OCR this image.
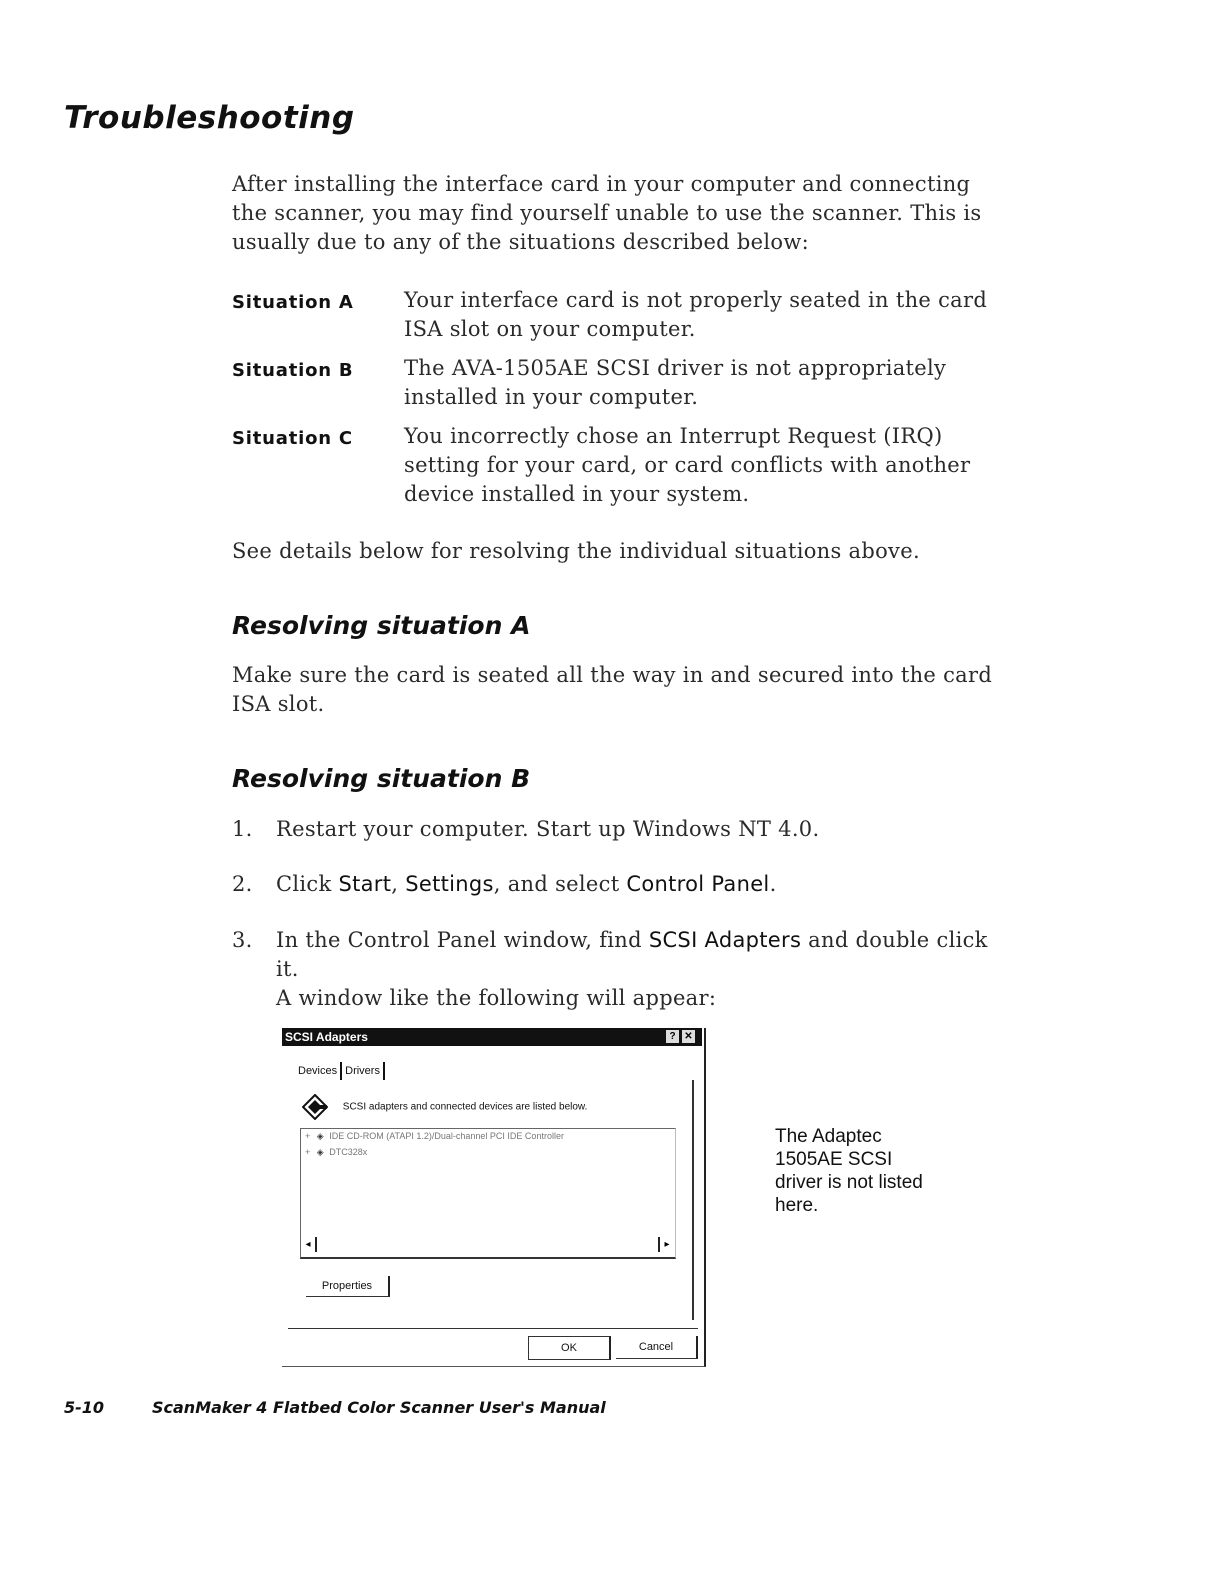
Troubleshooting
After installing the interface card in your computer and connecting
the scanner, you may find yourself unable to use the scanner. This is
usually due to any of the situations described below:
Situation A Your interface card is not properly seated in the card
ISA slot on your computer.
Situation B The AVA-1505AE SCSI driver is not appropriately
installed in your computer.
Situation C You incorrectly chose an Interrupt Request (IRQ)
setting for your card, or card conflicts with another
device installed in your system.
See details below for resolving the individual situations above.
Resolving situation A
Make sure the card is seated all the way in and secured into the card
ISA slot.
Resolving situation B
1. Restart your computer. Start up Windows NT 4.0.
2. Click Start, Settings, and select Control Panel.
3. In the Control Panel window, find SCSI Adapters and double click it.
A window like the following will appear:
SCSI Adapters	? ✕
Devices Drivers
SCSI adapters and connected devices are listed below.
+ ◈ IDE CD-ROM (ATAPI 1.2)/Dual-channel PCI IDE Controller
+ ◈ DTC328x
◂	▸
Properties
OK	Cancel
The Adaptec
1505AE SCSI
driver is not listed
here.
5-10	ScanMaker 4 Flatbed Color Scanner User's Manual
